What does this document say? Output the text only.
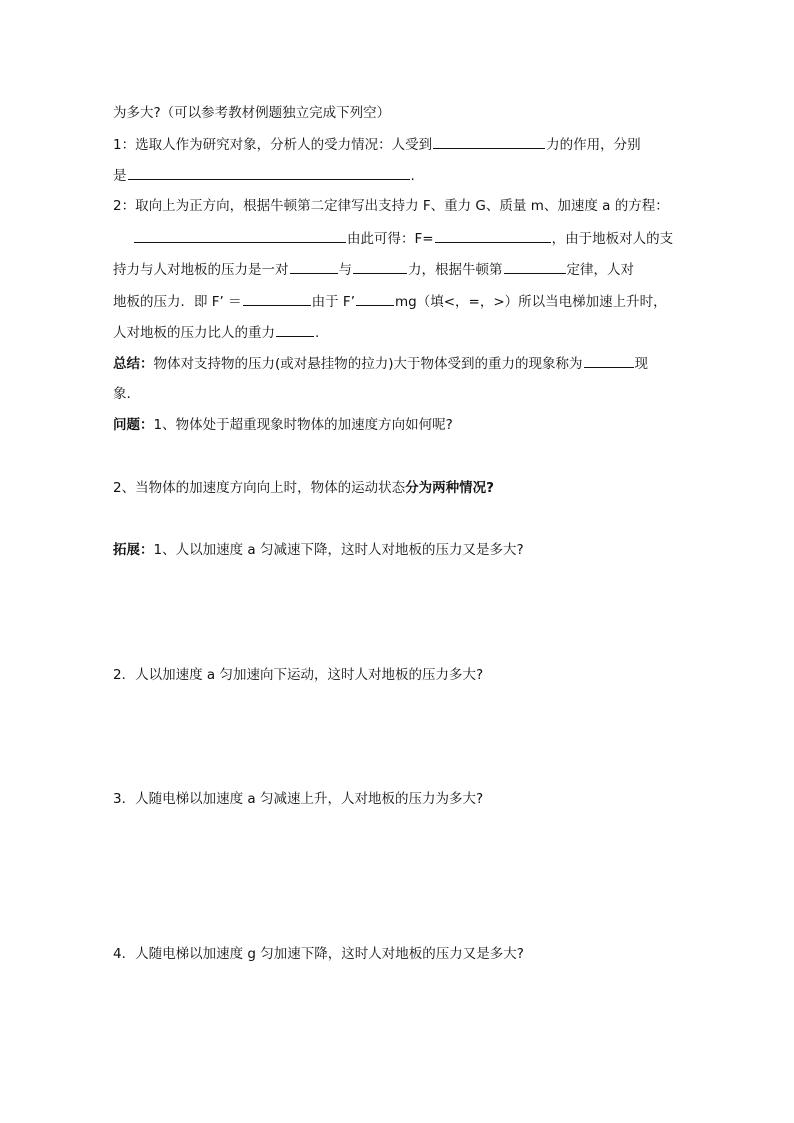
为多大?（可以参考教材例题独立完成下列空）
1：选取人作为研究对象，分析人的受力情况：人受到	力的作用，分别
是	.
2：取向上为正方向，根据牛顿第二定律写出支持力 F、重力 G、质量 m、加速度 a 的方程：
由此可得：F=	，由于地板对人的支
持力与人对地板的压力是一对	与	力，根据牛顿第	定律，人对
地板的压力．即 F’ ＝	由于 F’	mg（填<，=，>）所以当电梯加速上升时，
人对地板的压力比人的重力	.
总结：物体对支持物的压力(或对悬挂物的拉力)大于物体受到的重力的现象称为	现
象.
问题：1、物体处于超重现象时物体的加速度方向如何呢?
2、当物体的加速度方向向上时，物体的运动状态分为两种情况?
拓展：1、人以加速度 a 匀减速下降，这时人对地板的压力又是多大?
2．人以加速度 a 匀加速向下运动，这时人对地板的压力多大?
3．人随电梯以加速度 a 匀减速上升，人对地板的压力为多大?
4．人随电梯以加速度 g 匀加速下降，这时人对地板的压力又是多大?
